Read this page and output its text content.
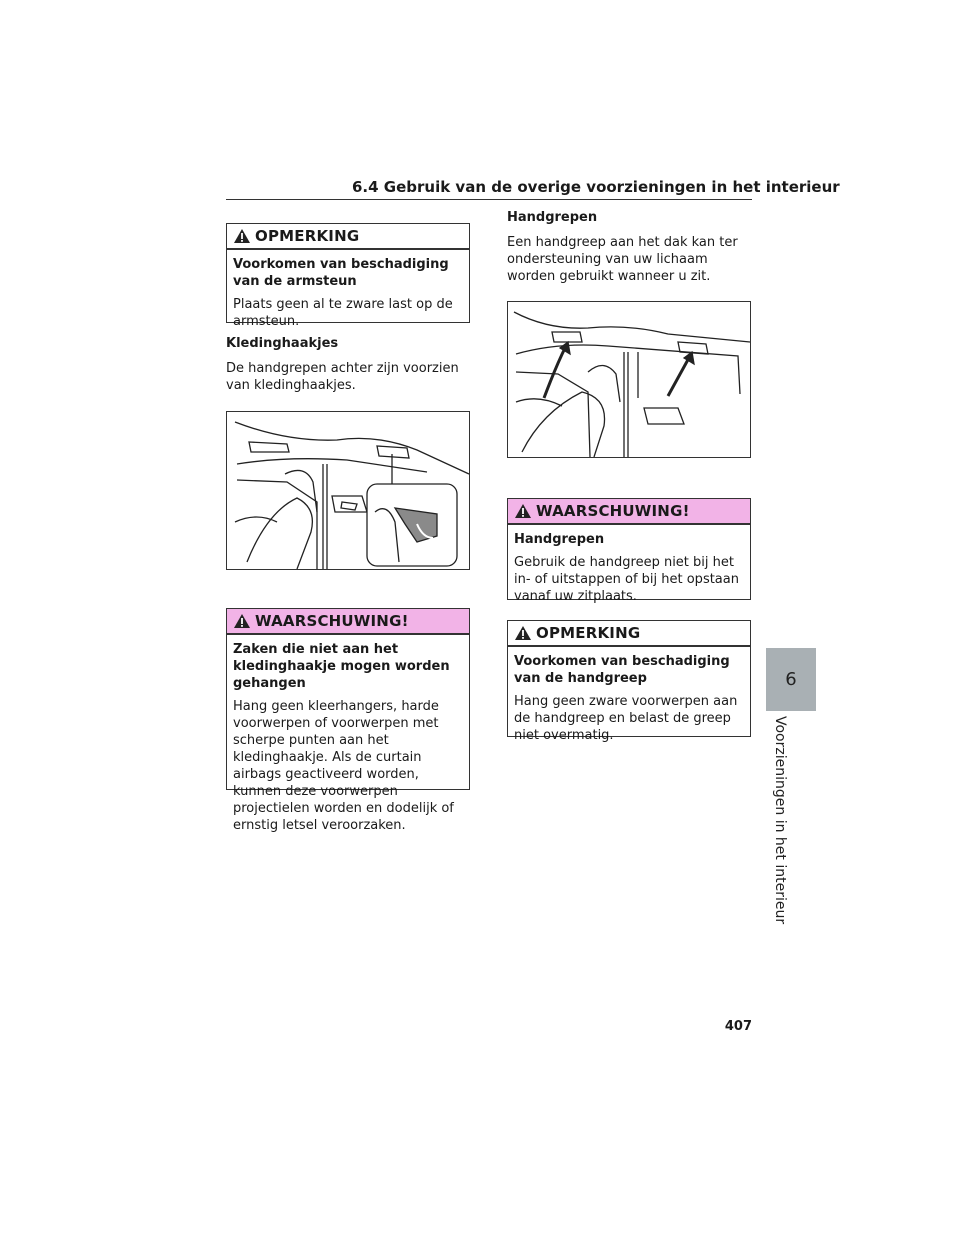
6.4 Gebruik van de overige voorzieningen in het interieur
OPMERKING
Voorkomen van beschadiging van de armsteun
Plaats geen al te zware last op de armsteun.
Kledinghaakjes
De handgrepen achter zijn voorzien van kledinghaakjes.
WAARSCHUWING!
Zaken die niet aan het kledinghaakje mogen worden gehangen
Hang geen kleerhangers, harde voorwerpen of voorwerpen met scherpe punten aan het kledinghaakje. Als de curtain airbags geactiveerd worden, kunnen deze voorwerpen projectielen worden en dodelijk of ernstig letsel veroorzaken.
Handgrepen
Een handgreep aan het dak kan ter ondersteuning van uw lichaam worden gebruikt wanneer u zit.
WAARSCHUWING!
Handgrepen
Gebruik de handgreep niet bij het in- of uitstappen of bij het opstaan vanaf uw zitplaats.
OPMERKING
Voorkomen van beschadiging van de handgreep
Hang geen zware voorwerpen aan de handgreep en belast de greep niet overmatig.
6
Voorzieningen in het interieur
407
